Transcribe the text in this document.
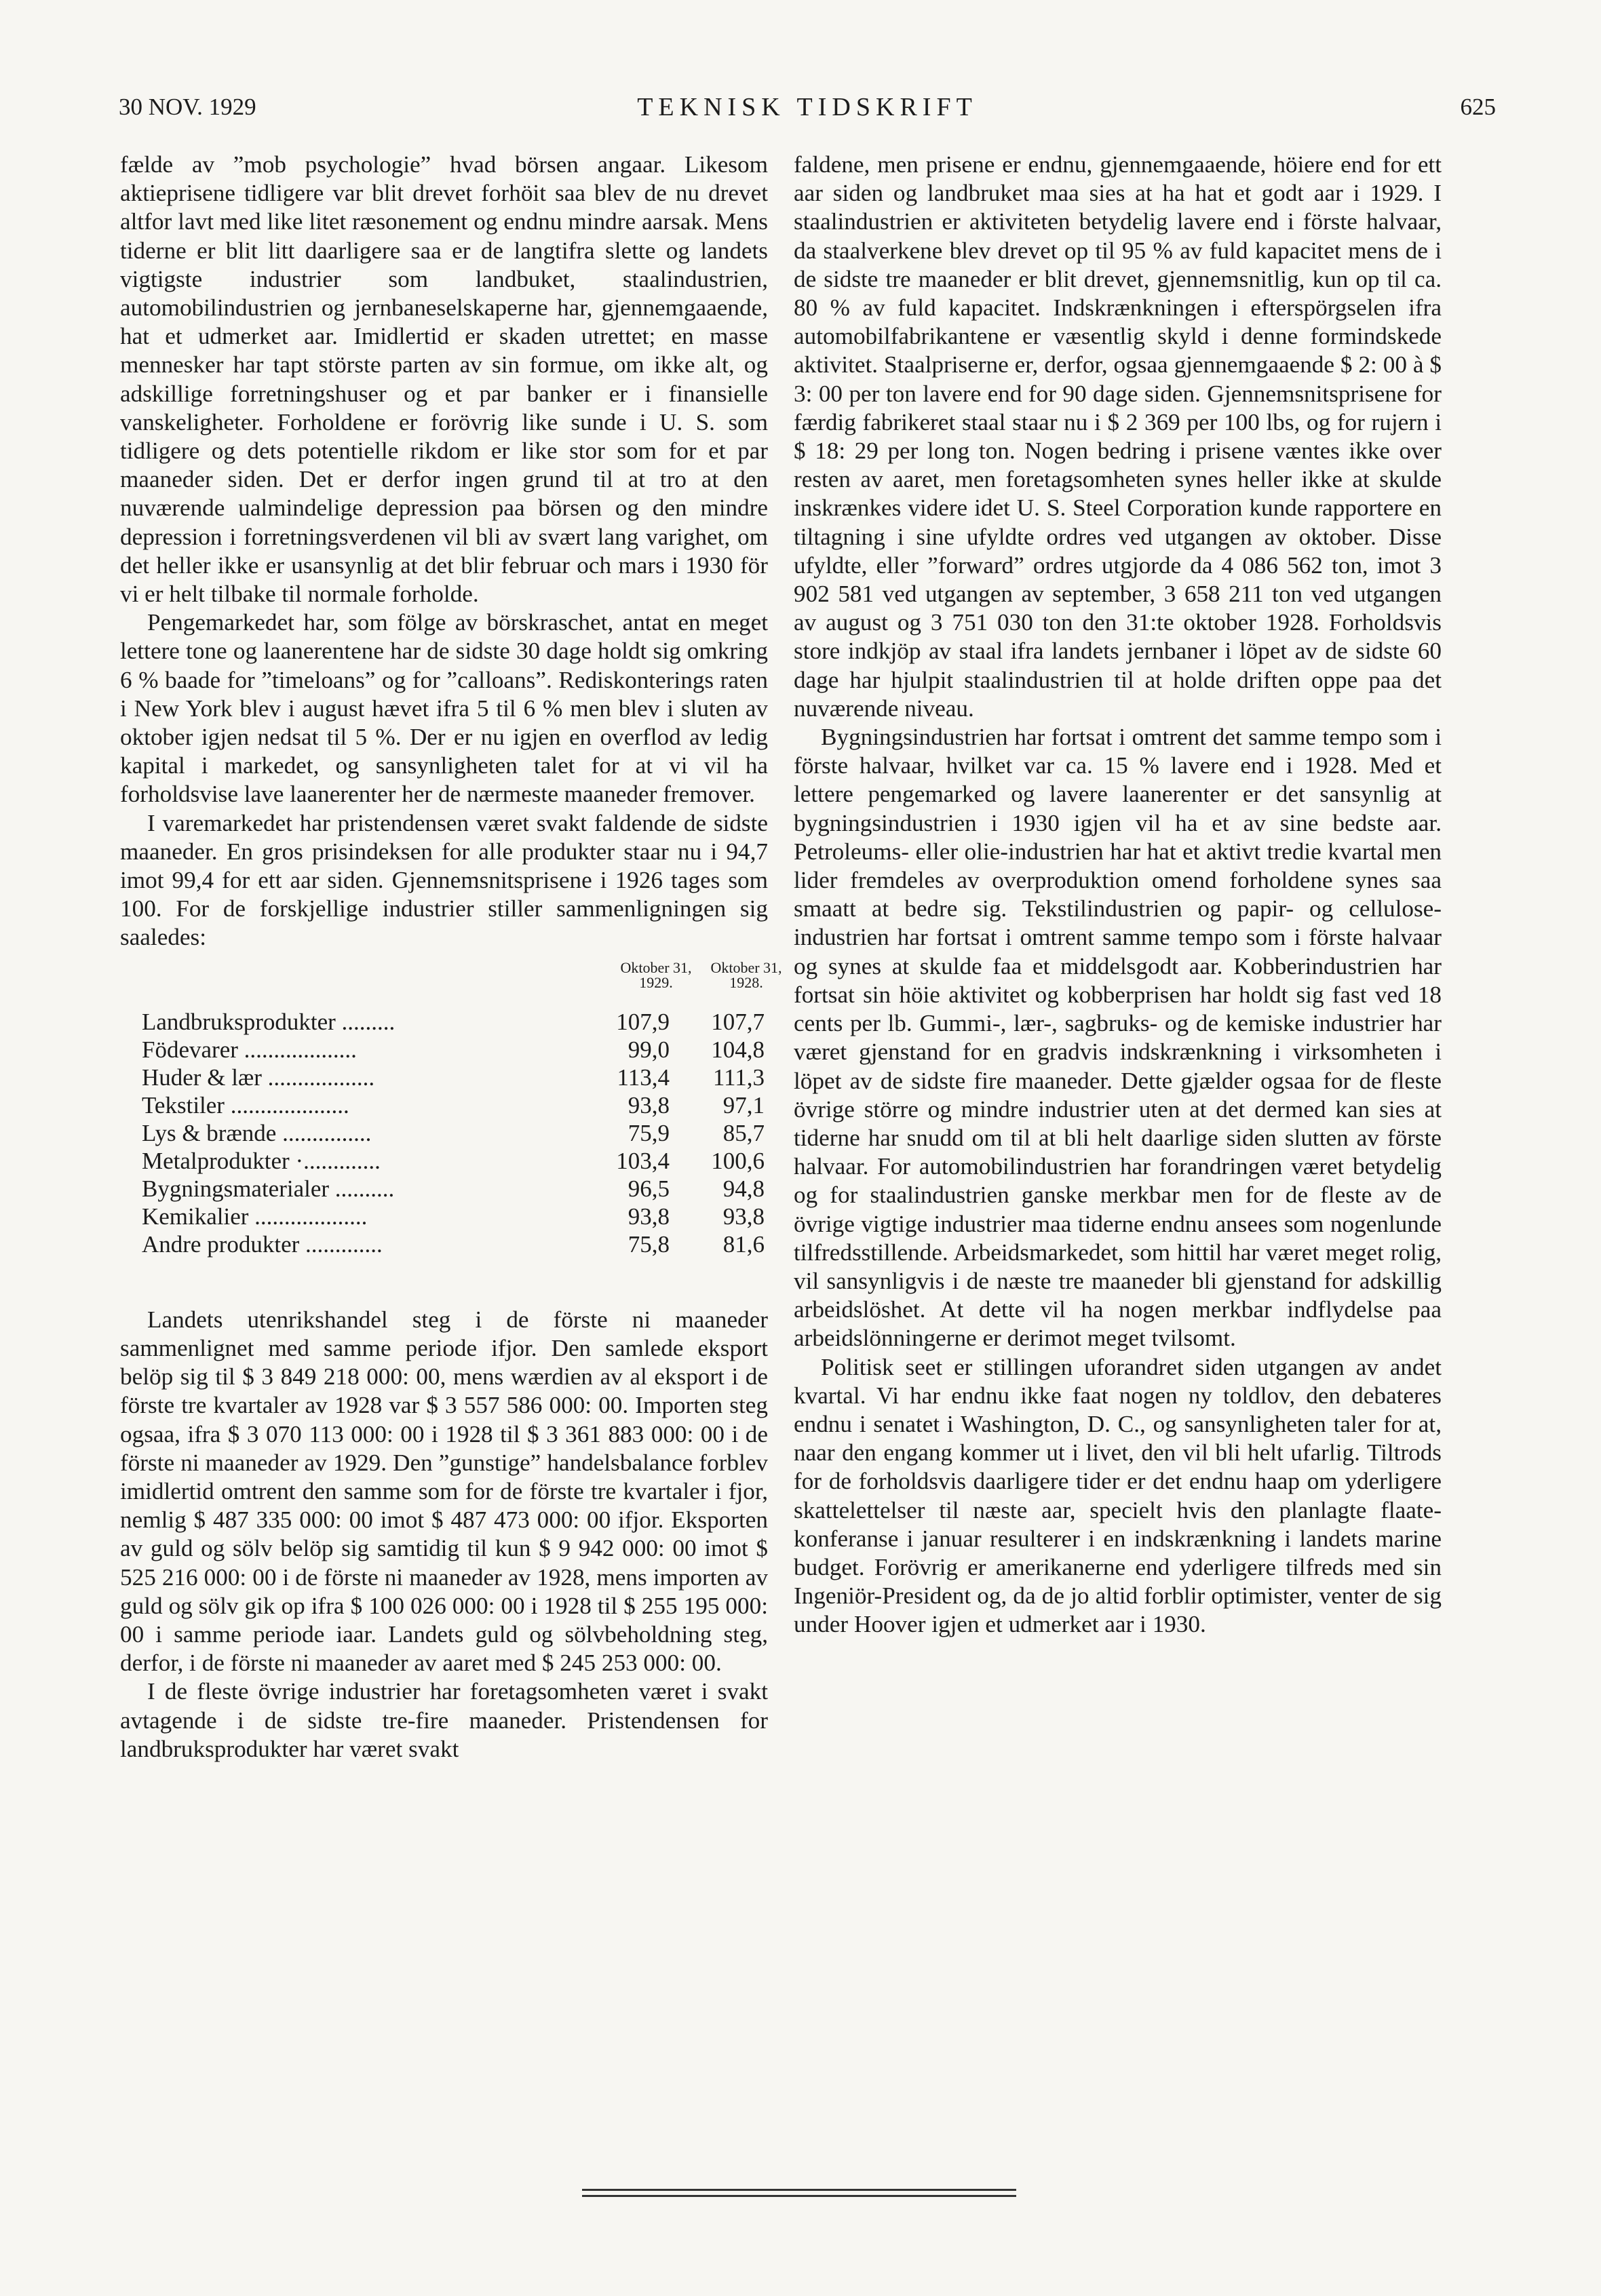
30 NOV. 1929	TEKNISK TIDSKRIFT	625

fælde av ”mob psychologie” hvad börsen angaar. Likesom aktieprisene tidligere var blit drevet forhöit saa blev de nu drevet altfor lavt med like litet ræsonement og endnu mindre aarsak. Mens tiderne er blit litt daarligere saa er de langtifra slette og landets vigtigste industrier som landbuket, staalindustrien, automobilindustrien og jernbaneselskaperne har, gjennemgaaende, hat et udmerket aar. Imidlertid er skaden utrettet; en masse mennesker har tapt störste parten av sin formue, om ikke alt, og adskillige forretningshuser og et par banker er i finansielle vanskeligheter. Forholdene er forövrig like sunde i U. S. som tidligere og dets potentielle rikdom er like stor som for et par maaneder siden. Det er derfor ingen grund til at tro at den nuværende ualmindelige depression paa börsen og den mindre depression i forretningsverdenen vil bli av svært lang varighet, om det heller ikke er usansynlig at det blir februar och mars i 1930 för vi er helt tilbake til normale forholde.

Pengemarkedet har, som fölge av börskraschet, antat en meget lettere tone og laanerentene har de sidste 30 dage holdt sig omkring 6 % baade for ”timeloans” og for ”calloans”. Rediskonterings raten i New York blev i august hævet ifra 5 til 6 % men blev i sluten av oktober igjen nedsat til 5 %. Der er nu igjen en overflod av ledig kapital i markedet, og sansynligheten talet for at vi vil ha forholdsvise lave laanerenter her de nærmeste maaneder fremover.

I varemarkedet har pristendensen været svakt faldende de sidste maaneder. En gros prisindeksen for alle produkter staar nu i 94,7 imot 99,4 for ett aar siden. Gjennemsnitsprisene i 1926 tages som 100. For de forskjellige industrier stiller sammenligningen sig saaledes:

Oktober 31, 1929.
Oktober 31, 1928.
Landbruksprodukter .........	107,9	107,7
Födevarer ...................	99,0	104,8
Huder & lær ..................	113,4	111,3
Tekstiler ....................	93,8	97,1
Lys & brænde ...............	75,9	85,7
Metalprodukter ·.............	103,4	100,6
Bygningsmaterialer ..........	96,5	94,8
Kemikalier ...................	93,8	93,8
Andre produkter .............	75,8	81,6

Landets utenrikshandel steg i de förste ni maaneder sammenlignet med samme periode ifjor. Den samlede eksport belöp sig til $ 3 849 218 000: 00, mens wærdien av al eksport i de förste tre kvartaler av 1928 var $ 3 557 586 000: 00. Importen steg ogsaa, ifra $ 3 070 113 000: 00 i 1928 til $ 3 361 883 000: 00 i de förste ni maaneder av 1929. Den ”gunstige” handelsbalance forblev imidlertid omtrent den samme som for de förste tre kvartaler i fjor, nemlig $ 487 335 000: 00 imot $ 487 473 000: 00 ifjor. Eksporten av guld og sölv belöp sig samtidig til kun $ 9 942 000: 00 imot $ 525 216 000: 00 i de förste ni maaneder av 1928, mens importen av guld og sölv gik op ifra $ 100 026 000: 00 i 1928 til $ 255 195 000: 00 i samme periode iaar. Landets guld og sölvbeholdning steg, derfor, i de förste ni maaneder av aaret med $ 245 253 000: 00.

I de fleste övrige industrier har foretagsomheten været i svakt avtagende i de sidste tre-fire maaneder. Pristendensen for landbruksprodukter har været svakt

faldene, men prisene er endnu, gjennemgaaende, höiere end for ett aar siden og landbruket maa sies at ha hat et godt aar i 1929. I staalindustrien er aktiviteten betydelig lavere end i förste halvaar, da staalverkene blev drevet op til 95 % av fuld kapacitet mens de i de sidste tre maaneder er blit drevet, gjennemsnitlig, kun op til ca. 80 % av fuld kapacitet. Indskrænkningen i efterspörgselen ifra automobilfabrikantene er væsentlig skyld i denne formindskede aktivitet. Staalpriserne er, derfor, ogsaa gjennemgaaende $ 2: 00 à $ 3: 00 per ton lavere end for 90 dage siden. Gjennemsnitsprisene for færdig fabrikeret staal staar nu i $ 2 369 per 100 lbs, og for rujern i $ 18: 29 per long ton. Nogen bedring i prisene væntes ikke over resten av aaret, men foretagsomheten synes heller ikke at skulde inskrænkes videre idet U. S. Steel Corporation kunde rapportere en tiltagning i sine ufyldte ordres ved utgangen av oktober. Disse ufyldte, eller ”forward” ordres utgjorde da 4 086 562 ton, imot 3 902 581 ved utgangen av september, 3 658 211 ton ved utgangen av august og 3 751 030 ton den 31:te oktober 1928. Forholdsvis store indkjöp av staal ifra landets jernbaner i löpet av de sidste 60 dage har hjulpit staalindustrien til at holde driften oppe paa det nuværende niveau.

Bygningsindustrien har fortsat i omtrent det samme tempo som i förste halvaar, hvilket var ca. 15 % lavere end i 1928. Med et lettere pengemarked og lavere laanerenter er det sansynlig at bygningsindustrien i 1930 igjen vil ha et av sine bedste aar. Petroleums- eller olie-industrien har hat et aktivt tredie kvartal men lider fremdeles av overproduktion omend forholdene synes saa smaatt at bedre sig. Tekstilindustrien og papir- og cellulose-industrien har fortsat i omtrent samme tempo som i förste halvaar og synes at skulde faa et middelsgodt aar. Kobberindustrien har fortsat sin höie aktivitet og kobberprisen har holdt sig fast ved 18 cents per lb. Gummi-, lær-, sagbruks- og de kemiske industrier har været gjenstand for en gradvis indskrænkning i virksomheten i löpet av de sidste fire maaneder. Dette gjælder ogsaa for de fleste övrige större og mindre industrier uten at det dermed kan sies at tiderne har snudd om til at bli helt daarlige siden slutten av förste halvaar. For automobilindustrien har forandringen været betydelig og for staalindustrien ganske merkbar men for de fleste av de övrige vigtige industrier maa tiderne endnu ansees som nogenlunde tilfredsstillende. Arbeidsmarkedet, som hittil har været meget rolig, vil sansynligvis i de næste tre maaneder bli gjenstand for adskillig arbeidslöshet. At dette vil ha nogen merkbar indflydelse paa arbeidslönningerne er derimot meget tvilsomt.

Politisk seet er stillingen uforandret siden utgangen av andet kvartal. Vi har endnu ikke faat nogen ny toldlov, den debateres endnu i senatet i Washington, D. C., og sansynligheten taler for at, naar den engang kommer ut i livet, den vil bli helt ufarlig. Tiltrods for de forholdsvis daarligere tider er det endnu haap om yderligere skattelettelser til næste aar, specielt hvis den planlagte flaate-konferanse i januar resulterer i en indskrænkning i landets marine budget. Forövrig er amerikanerne end yderligere tilfreds med sin Ingeniör-President og, da de jo altid forblir optimister, venter de sig under Hoover igjen et udmerket aar i 1930.
